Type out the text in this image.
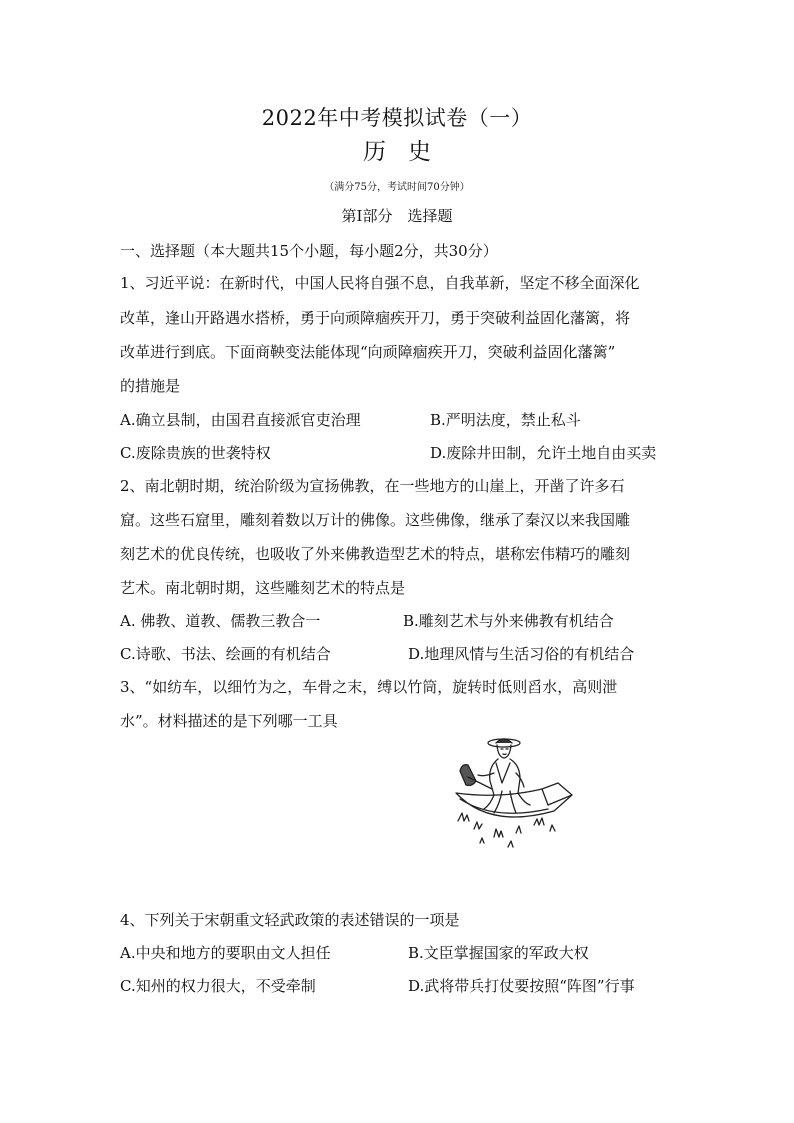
2022年中考模拟试卷（一）
历史
（满分75分，考试时间70分钟）
第Ⅰ部分　选择题
一、选择题（本大题共15个小题，每小题2分，共30分）
1、习近平说：在新时代，中国人民将自强不息，自我革新，坚定不移全面深化
改革，逢山开路遇水搭桥，勇于向顽障痼疾开刀，勇于突破利益固化藩篱，将
改革进行到底。下面商鞅变法能体现“向顽障痼疾开刀，突破利益固化藩篱”
的措施是
A.确立县制，由国君直接派官吏治理	B.严明法度，禁止私斗
C.废除贵族的世袭特权	D.废除井田制，允许土地自由买卖
2、南北朝时期，统治阶级为宣扬佛教，在一些地方的山崖上，开凿了许多石
窟。这些石窟里，雕刻着数以万计的佛像。这些佛像，继承了秦汉以来我国雕
刻艺术的优良传统，也吸收了外来佛教造型艺术的特点，堪称宏伟精巧的雕刻
艺术。南北朝时期，这些雕刻艺术的特点是
A. 佛教、道教、儒教三教合一	B.雕刻艺术与外来佛教有机结合
C.诗歌、书法、绘画的有机结合	D.地理风情与生活习俗的有机结合
3、“如纺车，以细竹为之，车骨之末，缚以竹筒，旋转时低则舀水，高则泄
水”。材料描述的是下列哪一工具
4、下列关于宋朝重文轻武政策的表述错误的一项是
A.中央和地方的要职由文人担任	B.文臣掌握国家的军政大权
C.知州的权力很大，不受牵制	D.武将带兵打仗要按照“阵图”行事
